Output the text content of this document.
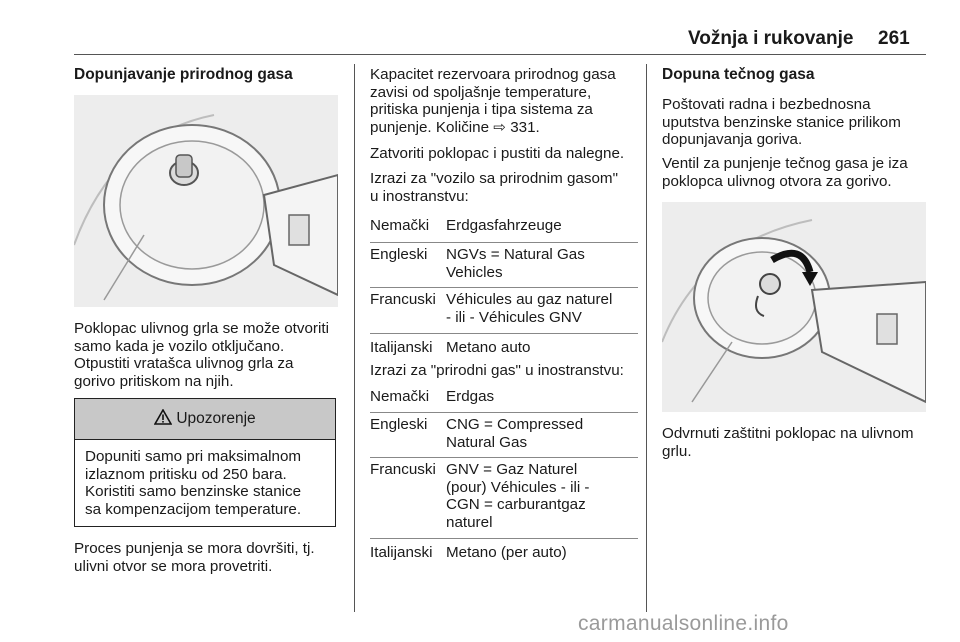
Vožnja i rukovanje 261
Dopunjavanje prirodnog gasa
Poklopac ulivnog grla se može otvoriti
samo kada je vozilo otključano.
Otpustiti vratašca ulivnog grla za
gorivo pritiskom na njih.
Upozorenje
Dopuniti samo pri maksimalnom
izlaznom pritisku od 250 bara.
Koristiti samo benzinske stanice
sa kompenzacijom temperature.
Proces punjenja se mora dovršiti, tj.
ulivni otvor se mora provetriti.
Kapacitet rezervoara prirodnog gasa
zavisi od spoljašnje temperature,
pritiska punjenja i tipa sistema za
punjenje. Količine ⇨ 331.
Zatvoriti poklopac i pustiti da nalegne.
Izrazi za "vozilo sa prirodnim gasom"
u inostranstvu:
Nemački Erdgasfahrzeuge
Engleski NGVs = Natural Gas
Vehicles
Francuski Véhicules au gaz naturel
- ili - Véhicules GNV
Italijanski Metano auto
Izrazi za "prirodni gas" u inostranstvu:
Nemački Erdgas
Engleski CNG = Compressed
Natural Gas
Francuski GNV = Gaz Naturel
(pour) Véhicules - ili -
CGN = carburantgaz
naturel
Italijanski Metano (per auto)
Dopuna tečnog gasa
Poštovati radna i bezbednosna
uputstva benzinske stanice prilikom
dopunjavanja goriva.
Ventil za punjenje tečnog gasa je iza
poklopca ulivnog otvora za gorivo.
Odvrnuti zaštitni poklopac na ulivnom
grlu.
carmanualsonline.info
